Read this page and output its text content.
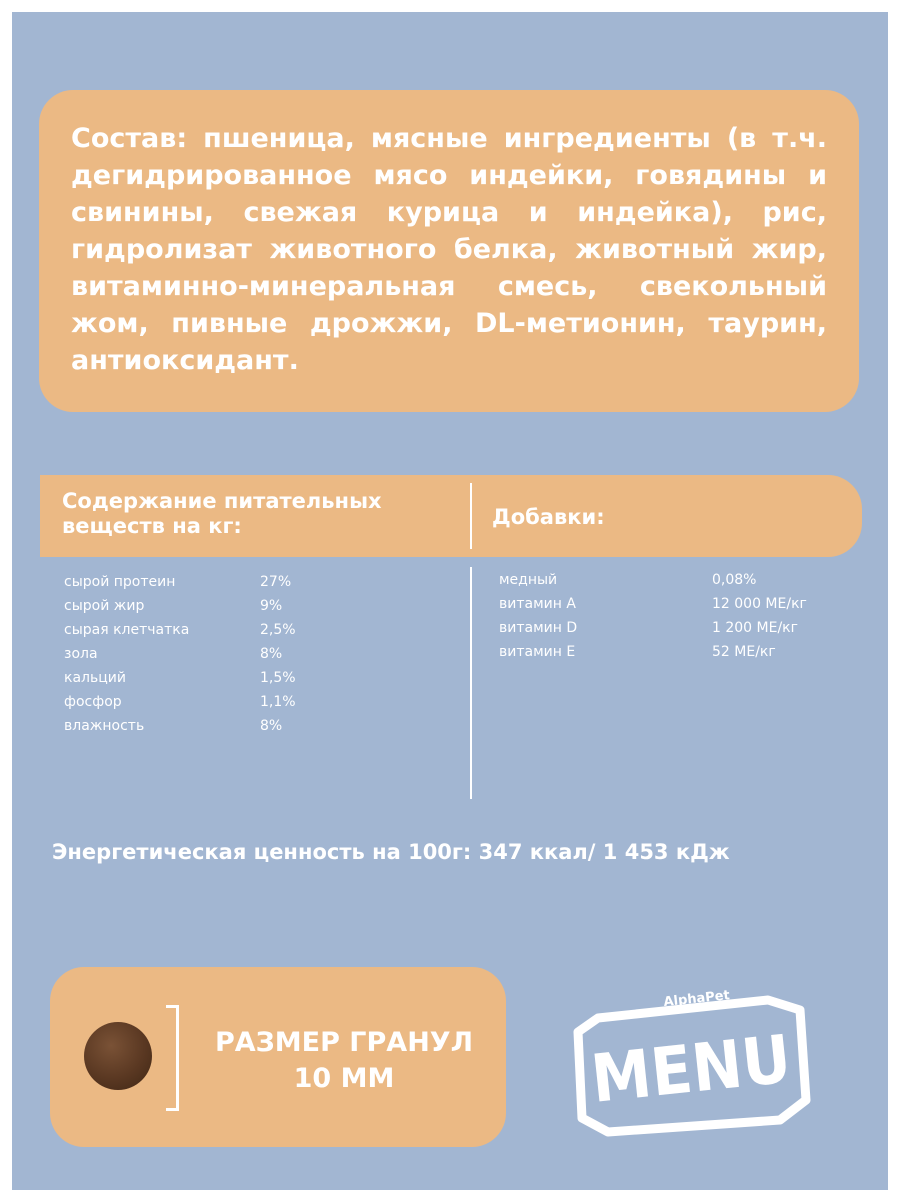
Состав: пшеница, мясные ингредиенты (в т.ч. дегидрированное мясо индейки, говядины и свинины, свежая курица и индейка), рис, гидролизат животного белка, животный жир, витаминно-минеральная смесь, свекольный жом, пивные дрожжи, DL-метионин, таурин, антиоксидант.
Содержание питательных веществ на кг:	Добавки:
сырой протеин	27%
сырой жир	9%
сырая клетчатка	2,5%
зола	8%
кальций	1,5%
фосфор	1,1%
влажность	8%
медный	0,08%
витамин A	12 000 МЕ/кг
витамин D	1 200 МЕ/кг
витамин E	52 МЕ/кг
Энергетическая ценность на 100г: 347 ккал/ 1 453 кДж
РАЗМЕР ГРАНУЛ
10 ММ
AlphaPet
MENU
